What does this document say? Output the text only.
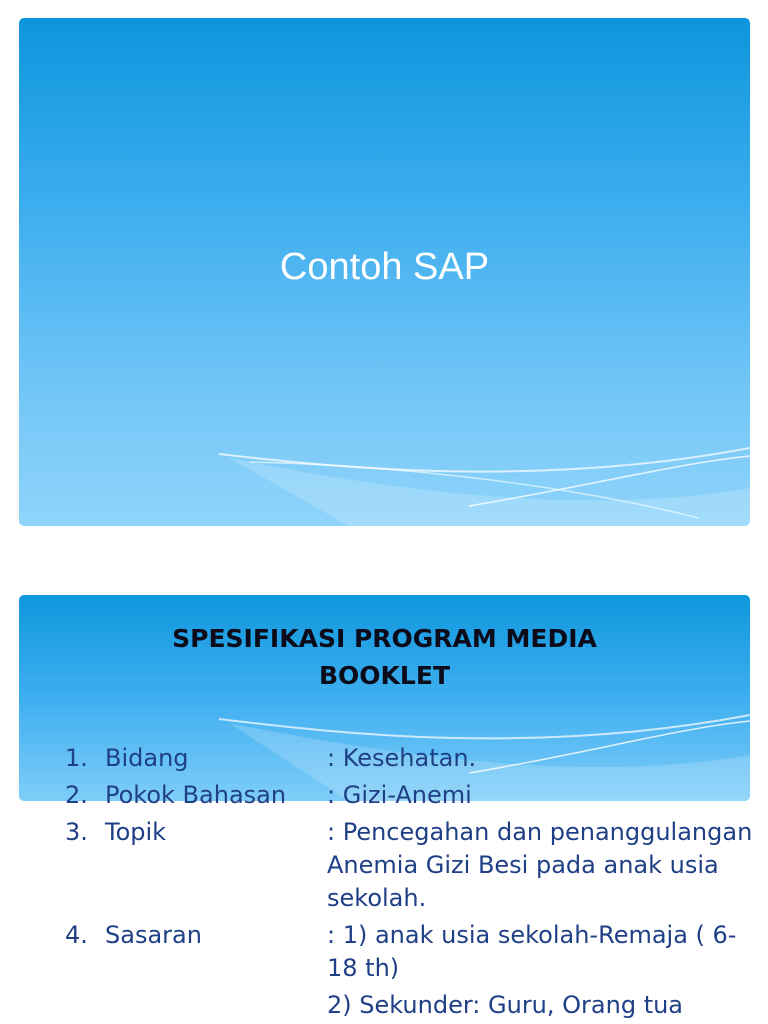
Contoh SAP
SPESIFIKASI PROGRAM MEDIA
BOOKLET
1. Bidang	: Kesehatan.
2. Pokok Bahasan	: Gizi-Anemi
3. Topik	: Pencegahan dan penanggulangan Anemia Gizi Besi pada anak usia sekolah.
4. Sasaran	: 1) anak usia sekolah-Remaja ( 6-18 th)
2) Sekunder: Guru, Orang tua
